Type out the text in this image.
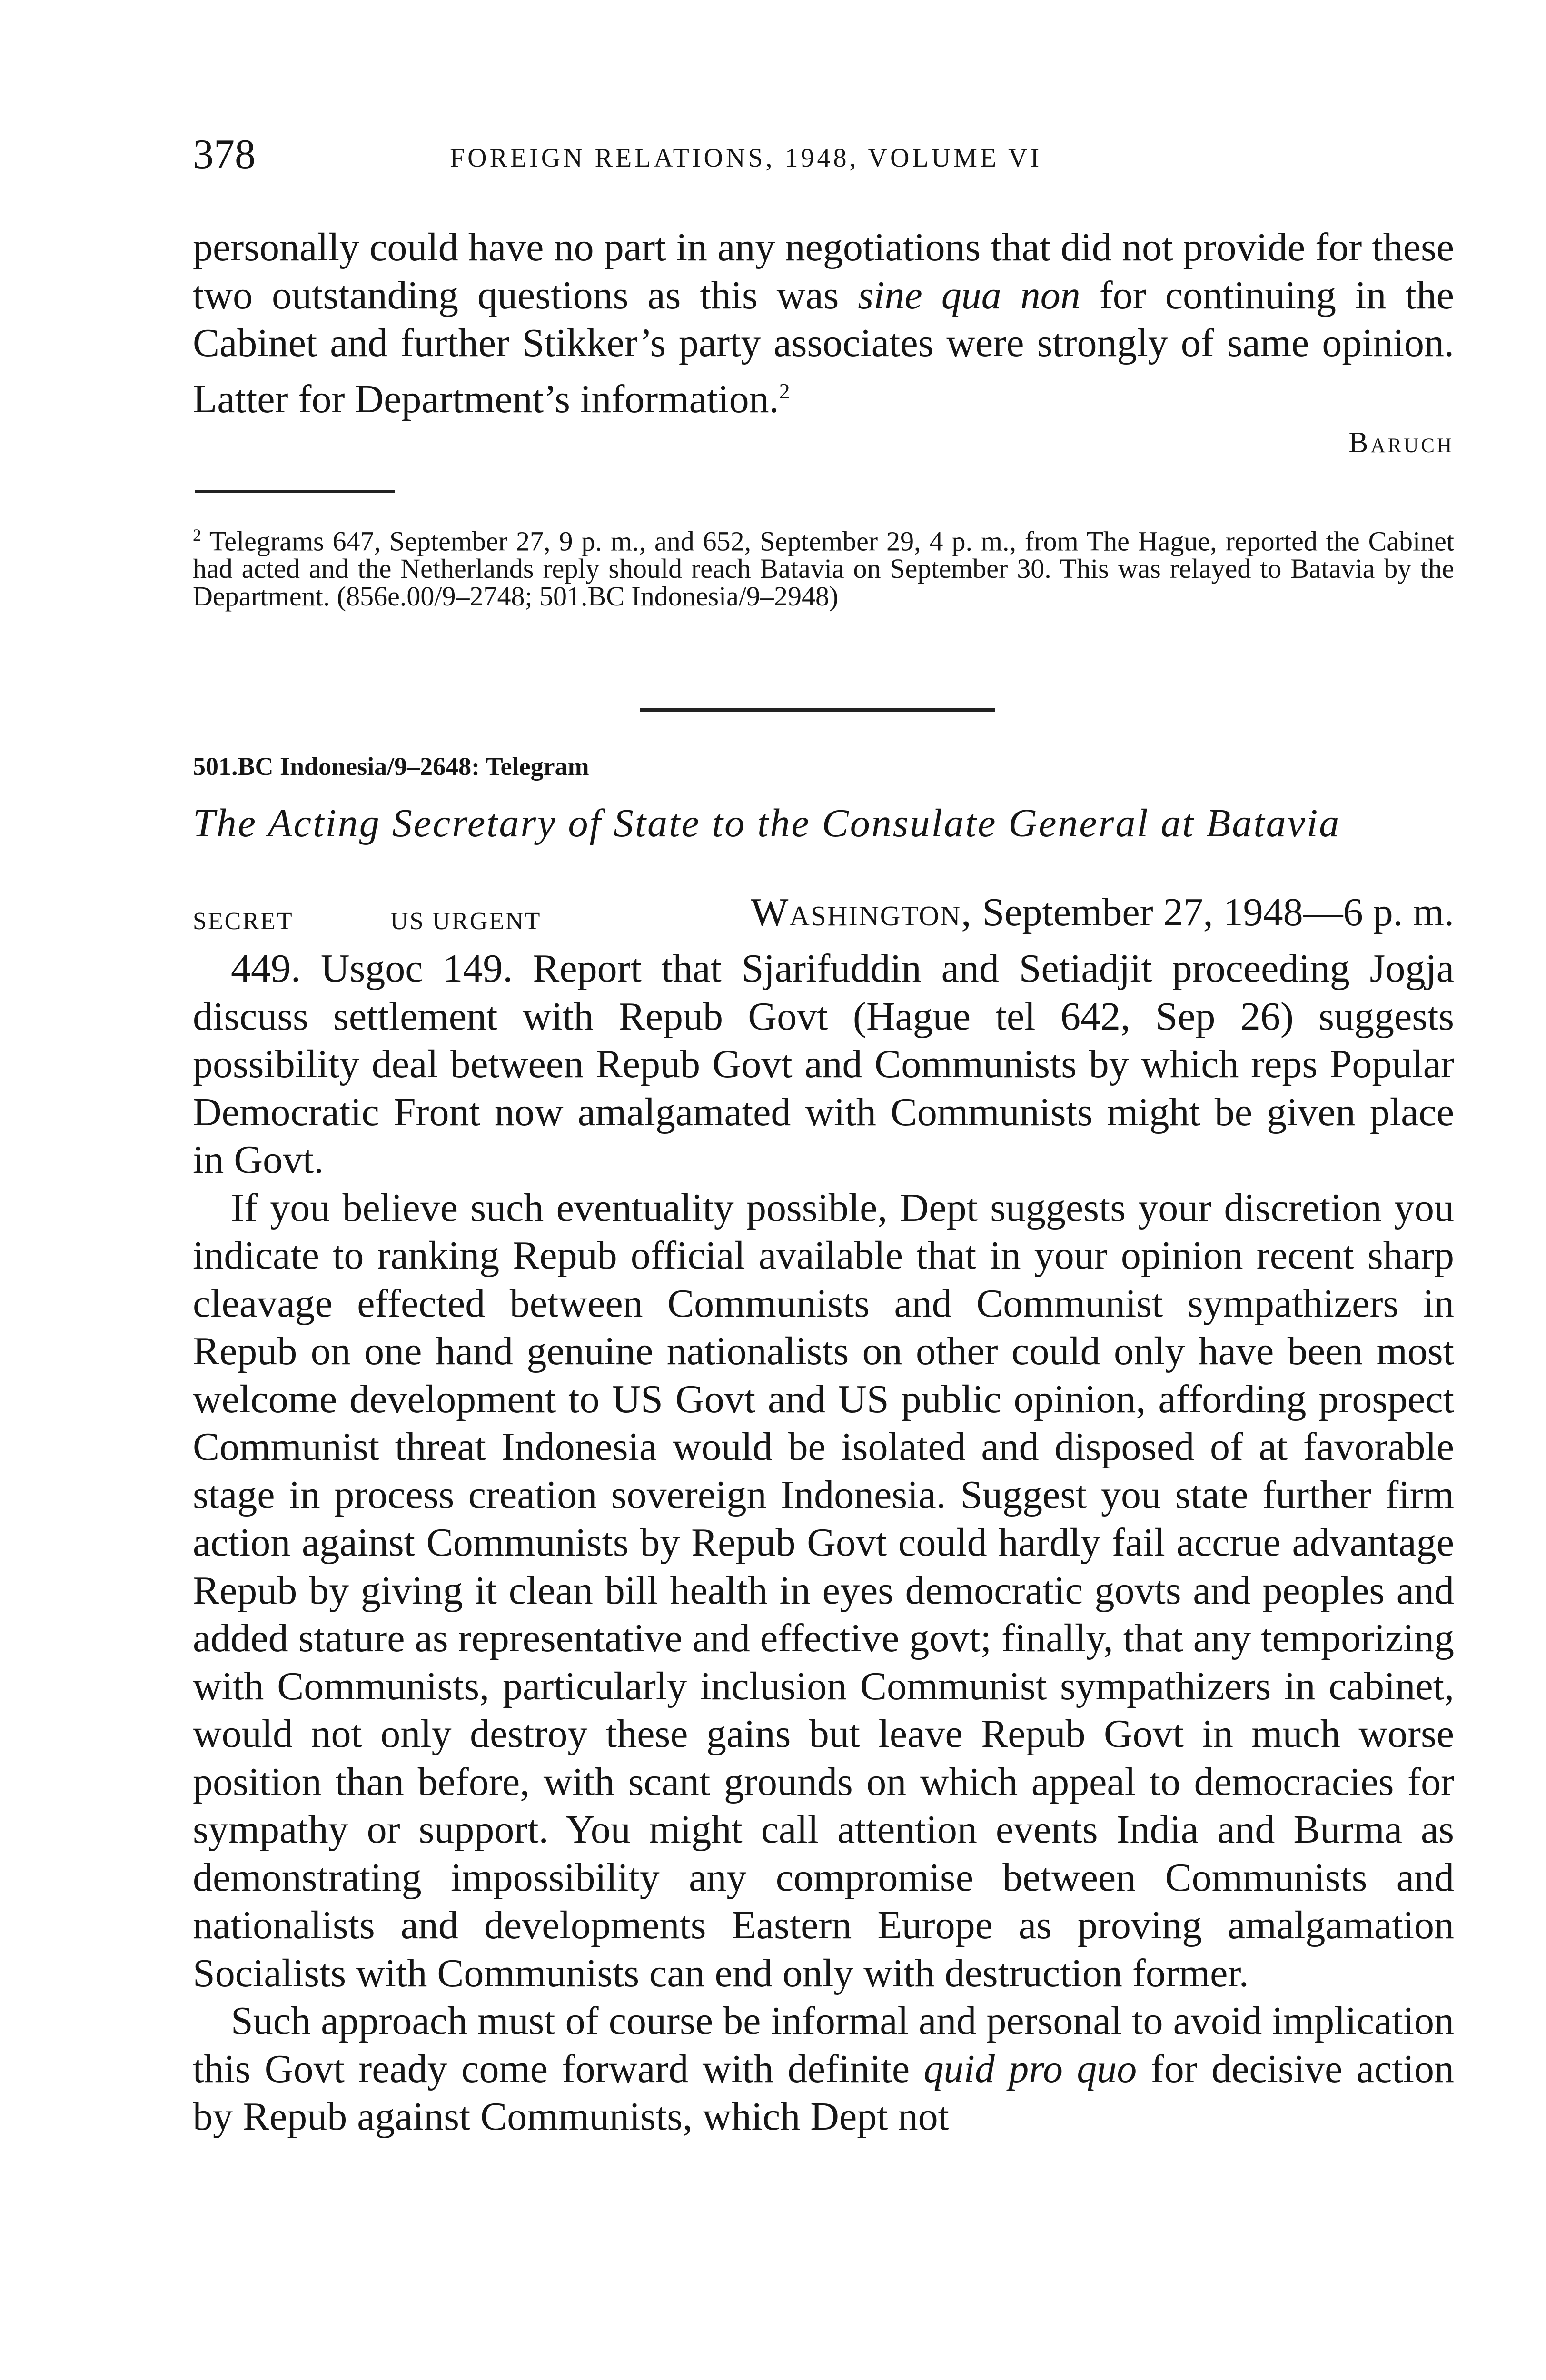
378	FOREIGN RELATIONS, 1948, VOLUME VI

personally could have no part in any negotiations that did not provide for these two outstanding questions as this was sine qua non for continuing in the Cabinet and further Stikker’s party associates were strongly of same opinion. Latter for Department’s information.$^2$

Baruch
$^2$ Telegrams 647, September 27, 9 p. m., and 652, September 29, 4 p. m., from The Hague, reported the Cabinet had acted and the Netherlands reply should reach Batavia on September 30. This was relayed to Batavia by the Department. (856e.00/9–2748; 501.BC Indonesia/9–2948)
501.BC Indonesia/9–2648: Telegram
The Acting Secretary of State to the Consulate General at Batavia
SECRET	US URGENT	Washington, September 27, 1948—6 p. m.

449. Usgoc 149. Report that Sjarifuddin and Setiadjit proceeding Jogja discuss settlement with Repub Govt (Hague tel 642, Sep 26) suggests possibility deal between Repub Govt and Communists by which reps Popular Democratic Front now amalgamated with Communists might be given place in Govt.

If you believe such eventuality possible, Dept suggests your discretion you indicate to ranking Repub official available that in your opinion recent sharp cleavage effected between Communists and Communist sympathizers in Repub on one hand genuine nationalists on other could only have been most welcome development to US Govt and US public opinion, affording prospect Communist threat Indonesia would be isolated and disposed of at favorable stage in process creation sovereign Indonesia. Suggest you state further firm action against Communists by Repub Govt could hardly fail accrue advantage Repub by giving it clean bill health in eyes democratic govts and peoples and added stature as representative and effective govt; finally, that any temporizing with Communists, particularly inclusion Communist sympathizers in cabinet, would not only destroy these gains but leave Repub Govt in much worse position than before, with scant grounds on which appeal to democracies for sympathy or support. You might call attention events India and Burma as demonstrating impossibility any compromise between Communists and nationalists and developments Eastern Europe as proving amalgamation Socialists with Communists can end only with destruction former.

Such approach must of course be informal and personal to avoid implication this Govt ready come forward with definite quid pro quo for decisive action by Repub against Communists, which Dept not
